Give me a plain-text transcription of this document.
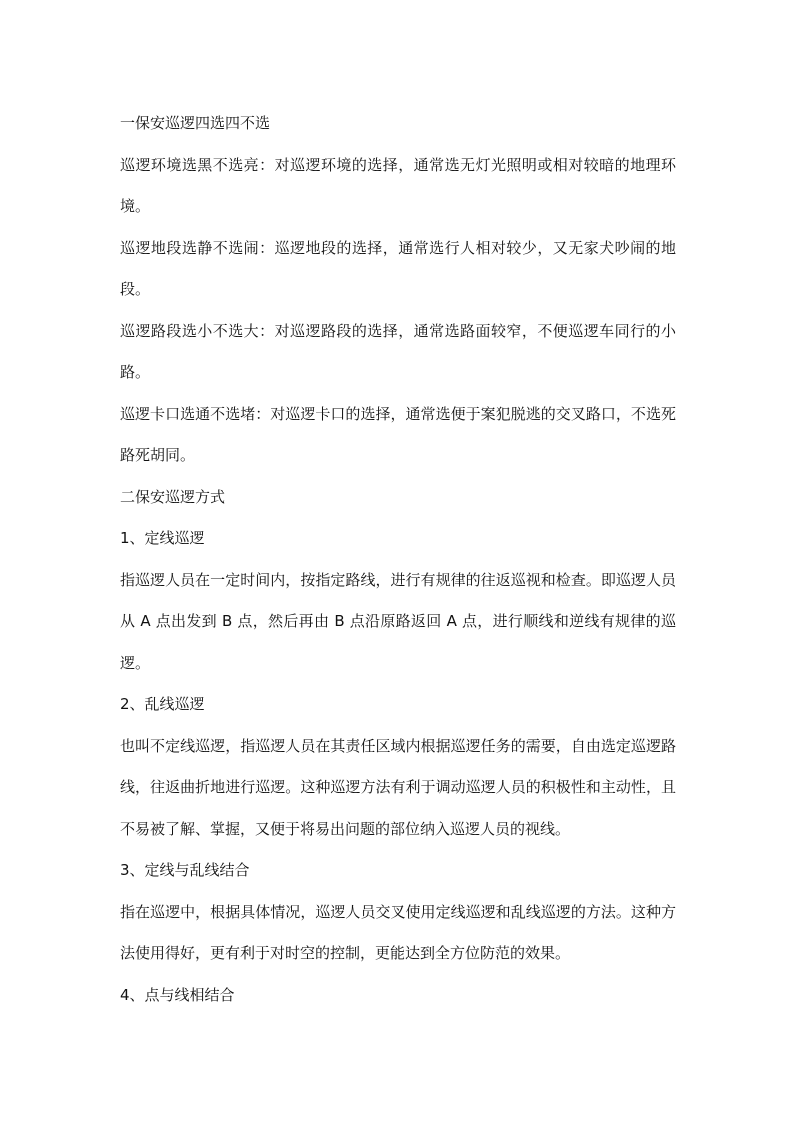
一保安巡逻四选四不选

巡逻环境选黑不选亮：对巡逻环境的选择，通常选无灯光照明或相对较暗的地理环境。

巡逻地段选静不选闹：巡逻地段的选择，通常选行人相对较少，又无家犬吵闹的地段。

巡逻路段选小不选大：对巡逻路段的选择，通常选路面较窄，不便巡逻车同行的小路。

巡逻卡口选通不选堵：对巡逻卡口的选择，通常选便于案犯脱逃的交叉路口，不选死路死胡同。

二保安巡逻方式

1、定线巡逻

指巡逻人员在一定时间内，按指定路线，进行有规律的往返巡视和检查。即巡逻人员从 A 点出发到 B 点，然后再由 B 点沿原路返回 A 点，进行顺线和逆线有规律的巡逻。

2、乱线巡逻

也叫不定线巡逻，指巡逻人员在其责任区域内根据巡逻任务的需要，自由选定巡逻路线，往返曲折地进行巡逻。这种巡逻方法有利于调动巡逻人员的积极性和主动性，且不易被了解、掌握，又便于将易出问题的部位纳入巡逻人员的视线。

3、定线与乱线结合

指在巡逻中，根据具体情况，巡逻人员交叉使用定线巡逻和乱线巡逻的方法。这种方法使用得好，更有利于对时空的控制，更能达到全方位防范的效果。

4、点与线相结合
